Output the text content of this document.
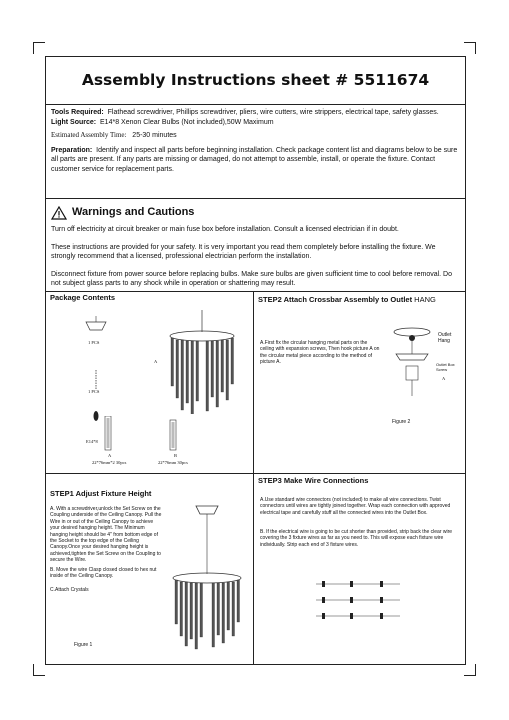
Assembly Instructions sheet # 5511674
Tools Required: Flathead screwdriver, Phillips screwdriver, pliers, wire cutters, wire strippers, electrical tape, safety glasses.
Light Source: E14*8 Xenon Clear Bulbs (Not included),50W Maximum
Estimated Assembly Time: 25-30 minutes
Preparation: Identify and inspect all parts before beginning installation. Check package content list and diagrams below to be sure all parts are present. If any parts are missing or damaged, do not attempt to assemble, install, or operate the fixture. Contact customer service for replacement parts.
Warnings and Cautions
Turn off electricity at circuit breaker or main fuse box before installation. Consult a licensed electrician if in doubt.
These instructions are provided for your safety. It is very important you read them completely before installing the fixture. We strongly recommend that a licensed, professional electrician perform the installation.
Disconnect fixture from power source before replacing bulbs. Make sure bulbs are given sufficient time to cool before removal. Do not subject glass parts to any shock while in operation or shattering may result.
Package Contents
1 PCS
1 PCS
E14*8
A
A	B
22*76mm*2 30pcs	22*76mm 30pcs
STEP2 Attach Crossbar Assembly to Outlet HANG
A.First fix the circular hanging metal parts on the ceiling with expansion screws, Then hook picture A on the circular metal piece according to the method of picture A.
Outlet Hang
Outlet Box Screw
A
Figure 2
STEP1 Adjust Fixture Height
A. With a screwdriver,unlock the Set Screw on the Coupling underside of the Ceiling Canopy. Pull the Wire in or out of the Ceiling Canopy to achieve your desired hanging height. The Minimum hanging height should be 4" from bottom edge of the Socket to the top edge of the Ceiling Canopy.Once your desired hanging height is achieved,tighten the Set Screw on the Coupling to secure the Wire.
B. Move the wire Clasp closed closed to hex nut inside of the Ceiling Canopy.
C.Attach Crystals
Figure 1
STEP3 Make Wire Connections
A.Use standard wire connectors (not included) to make all wire connections. Twist connectors until wires are tightly joined together. Wrap each connection with approved electrical tape and carefully stuff all the connected wires into the Outlet Box.
B. If the electrical wire is going to be cut shorter than provided, strip back the clear wire covering the 3 fixture wires as far as you need to. This will expose each fixture wire individually. Strip each end of 3 fixture wires.
